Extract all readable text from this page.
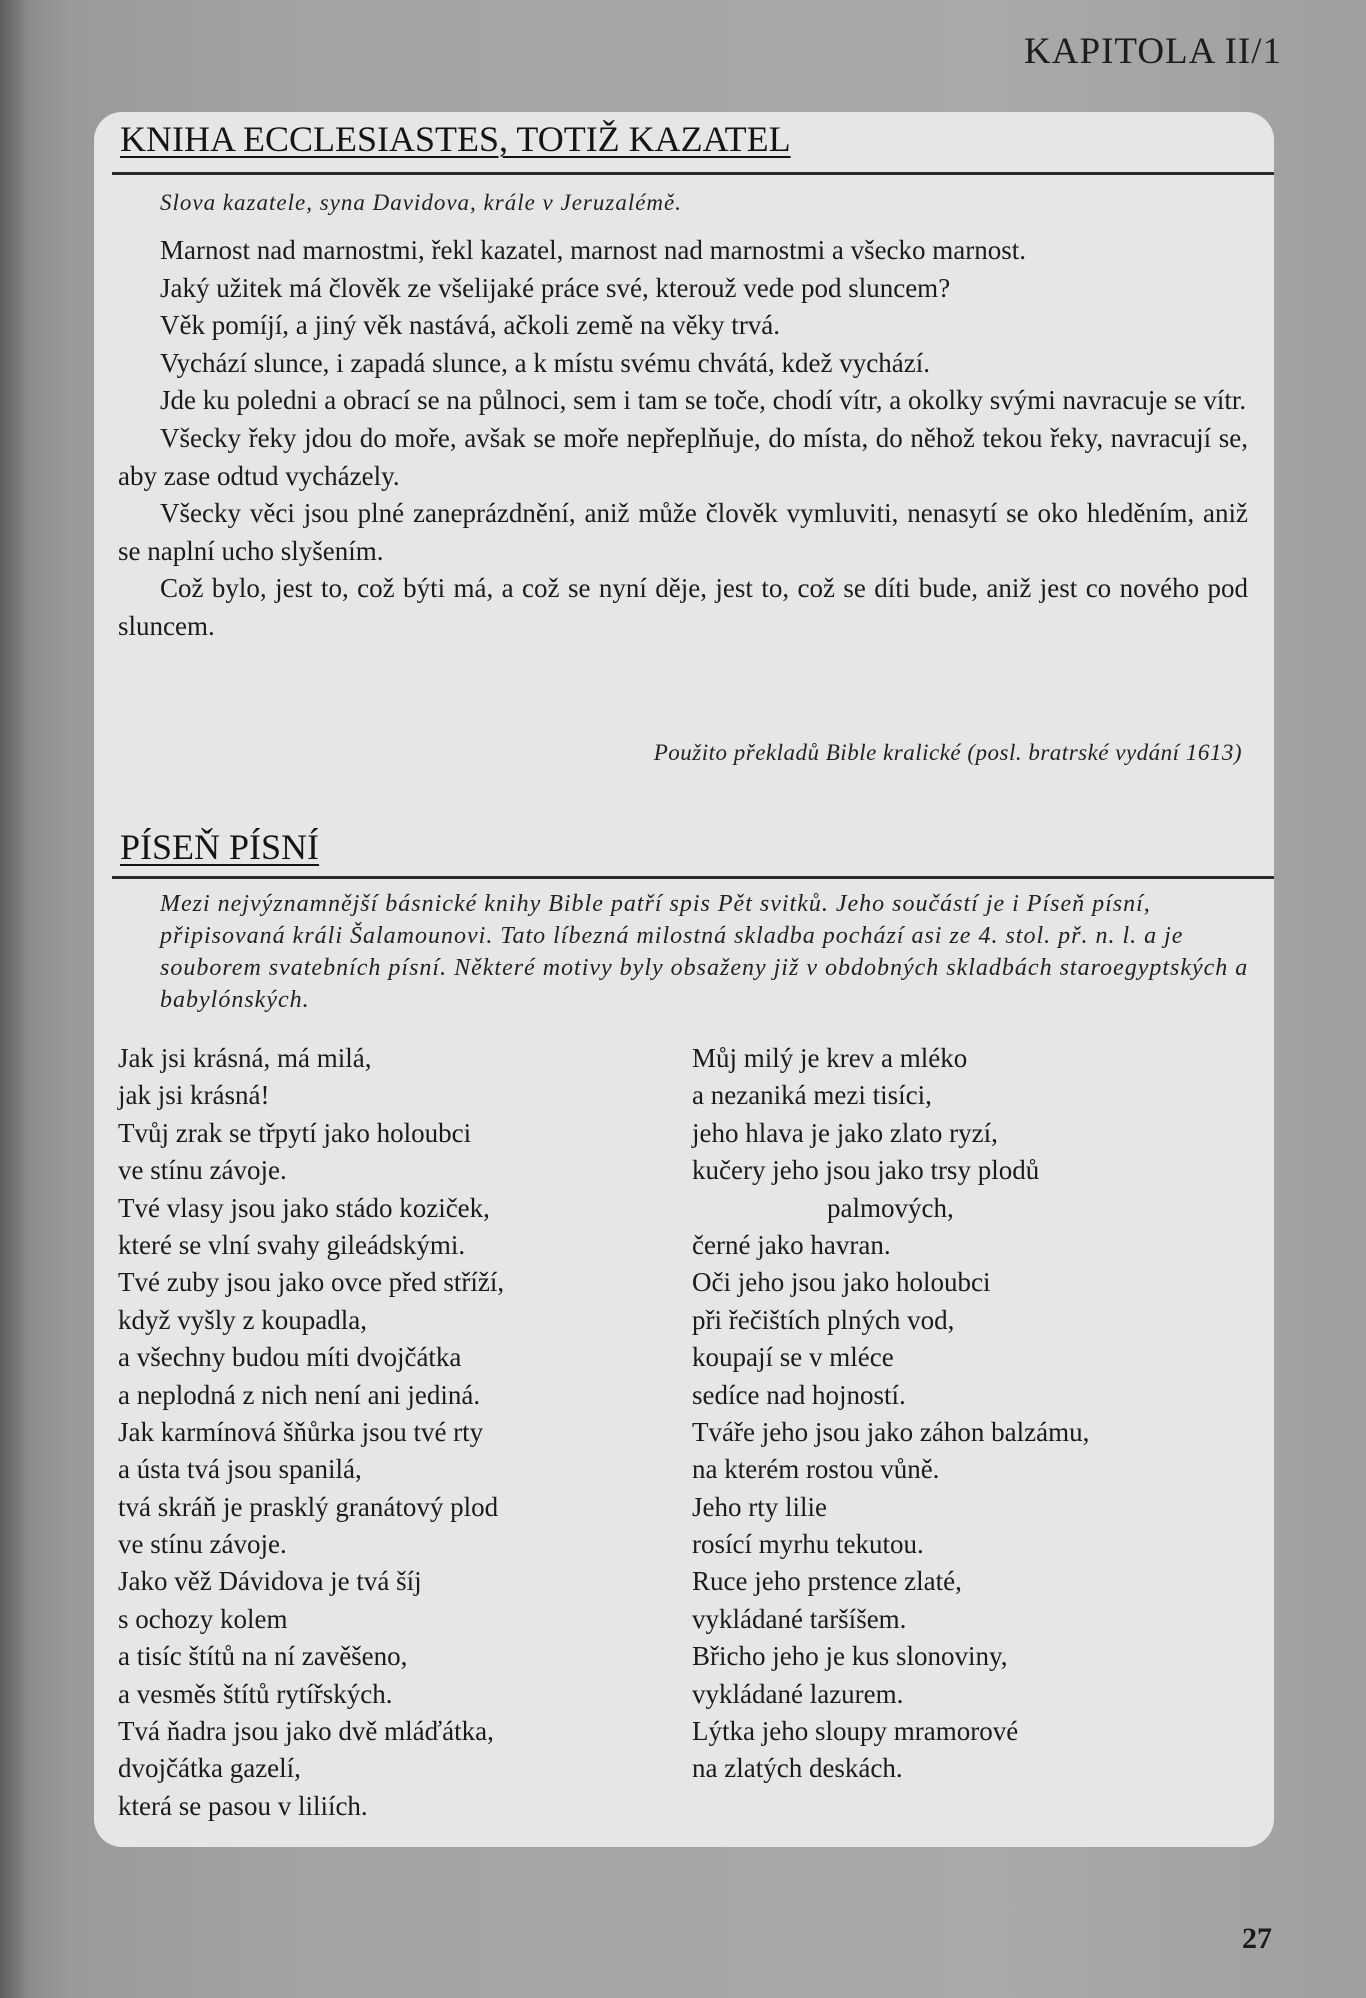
KAPITOLA II/1
KNIHA ECCLESIASTES, TOTIŽ KAZATEL
Slova kazatele, syna Davidova, krále v Jeruzalémě.

Marnost nad marnostmi, řekl kazatel, marnost nad marnostmi a všecko marnost.

Jaký užitek má člověk ze všelijaké práce své, kterouž vede pod sluncem?

Věk pomíjí, a jiný věk nastává, ačkoli země na věky trvá.

Vychází slunce, i zapadá slunce, a k místu svému chvátá, kdež vychází.

Jde ku poledni a obrací se na půlnoci, sem i tam se toče, chodí vítr, a okolky svými navracuje se vítr.

Všecky řeky jdou do moře, avšak se moře nepřeplňuje, do místa, do něhož tekou řeky, navracují se, aby zase odtud vycházely.

Všecky věci jsou plné zaneprázdnění, aniž může člověk vymluviti, nenasytí se oko hleděním, aniž se naplní ucho slyšením.

Což bylo, jest to, což býti má, a což se nyní děje, jest to, což se díti bude, aniž jest co nového pod sluncem.

Použito překladů Bible kralické (posl. bratrské vydání 1613)
PÍSEŇ PÍSNÍ
Mezi nejvýznamnější básnické knihy Bible patří spis Pět svitků. Jeho součástí je i Píseň písní, připisovaná králi Šalamounovi. Tato líbezná milostná skladba pochází asi ze 4. stol. př. n. l. a je souborem svatebních písní. Některé motivy byly obsaženy již v obdobných skladbách staroegyptských a babylónských.
Jak jsi krásná, má milá,
jak jsi krásná!
Tvůj zrak se třpytí jako holoubci
ve stínu závoje.
Tvé vlasy jsou jako stádo koziček,
které se vlní svahy gileádskými.
Tvé zuby jsou jako ovce před stříží,
když vyšly z koupadla,
a všechny budou míti dvojčátka
a neplodná z nich není ani jediná.
Jak karmínová šňůrka jsou tvé rty
a ústa tvá jsou spanilá,
tvá skráň je prasklý granátový plod
ve stínu závoje.
Jako věž Dávidova je tvá šíj
s ochozy kolem
a tisíc štítů na ní zavěšeno,
a vesměs štítů rytířských.
Tvá ňadra jsou jako dvě mláďátka,
dvojčátka gazelí,
která se pasou v liliích.
Můj milý je krev a mléko
a nezaniká mezi tisíci,
jeho hlava je jako zlato ryzí,
kučery jeho jsou jako trsy plodů
palmových,
černé jako havran.
Oči jeho jsou jako holoubci
při řečištích plných vod,
koupají se v mléce
sedíce nad hojností.
Tváře jeho jsou jako záhon balzámu,
na kterém rostou vůně.
Jeho rty lilie
rosící myrhu tekutou.
Ruce jeho prstence zlaté,
vykládané taršíšem.
Břicho jeho je kus slonoviny,
vykládané lazurem.
Lýtka jeho sloupy mramorové
na zlatých deskách.
27
